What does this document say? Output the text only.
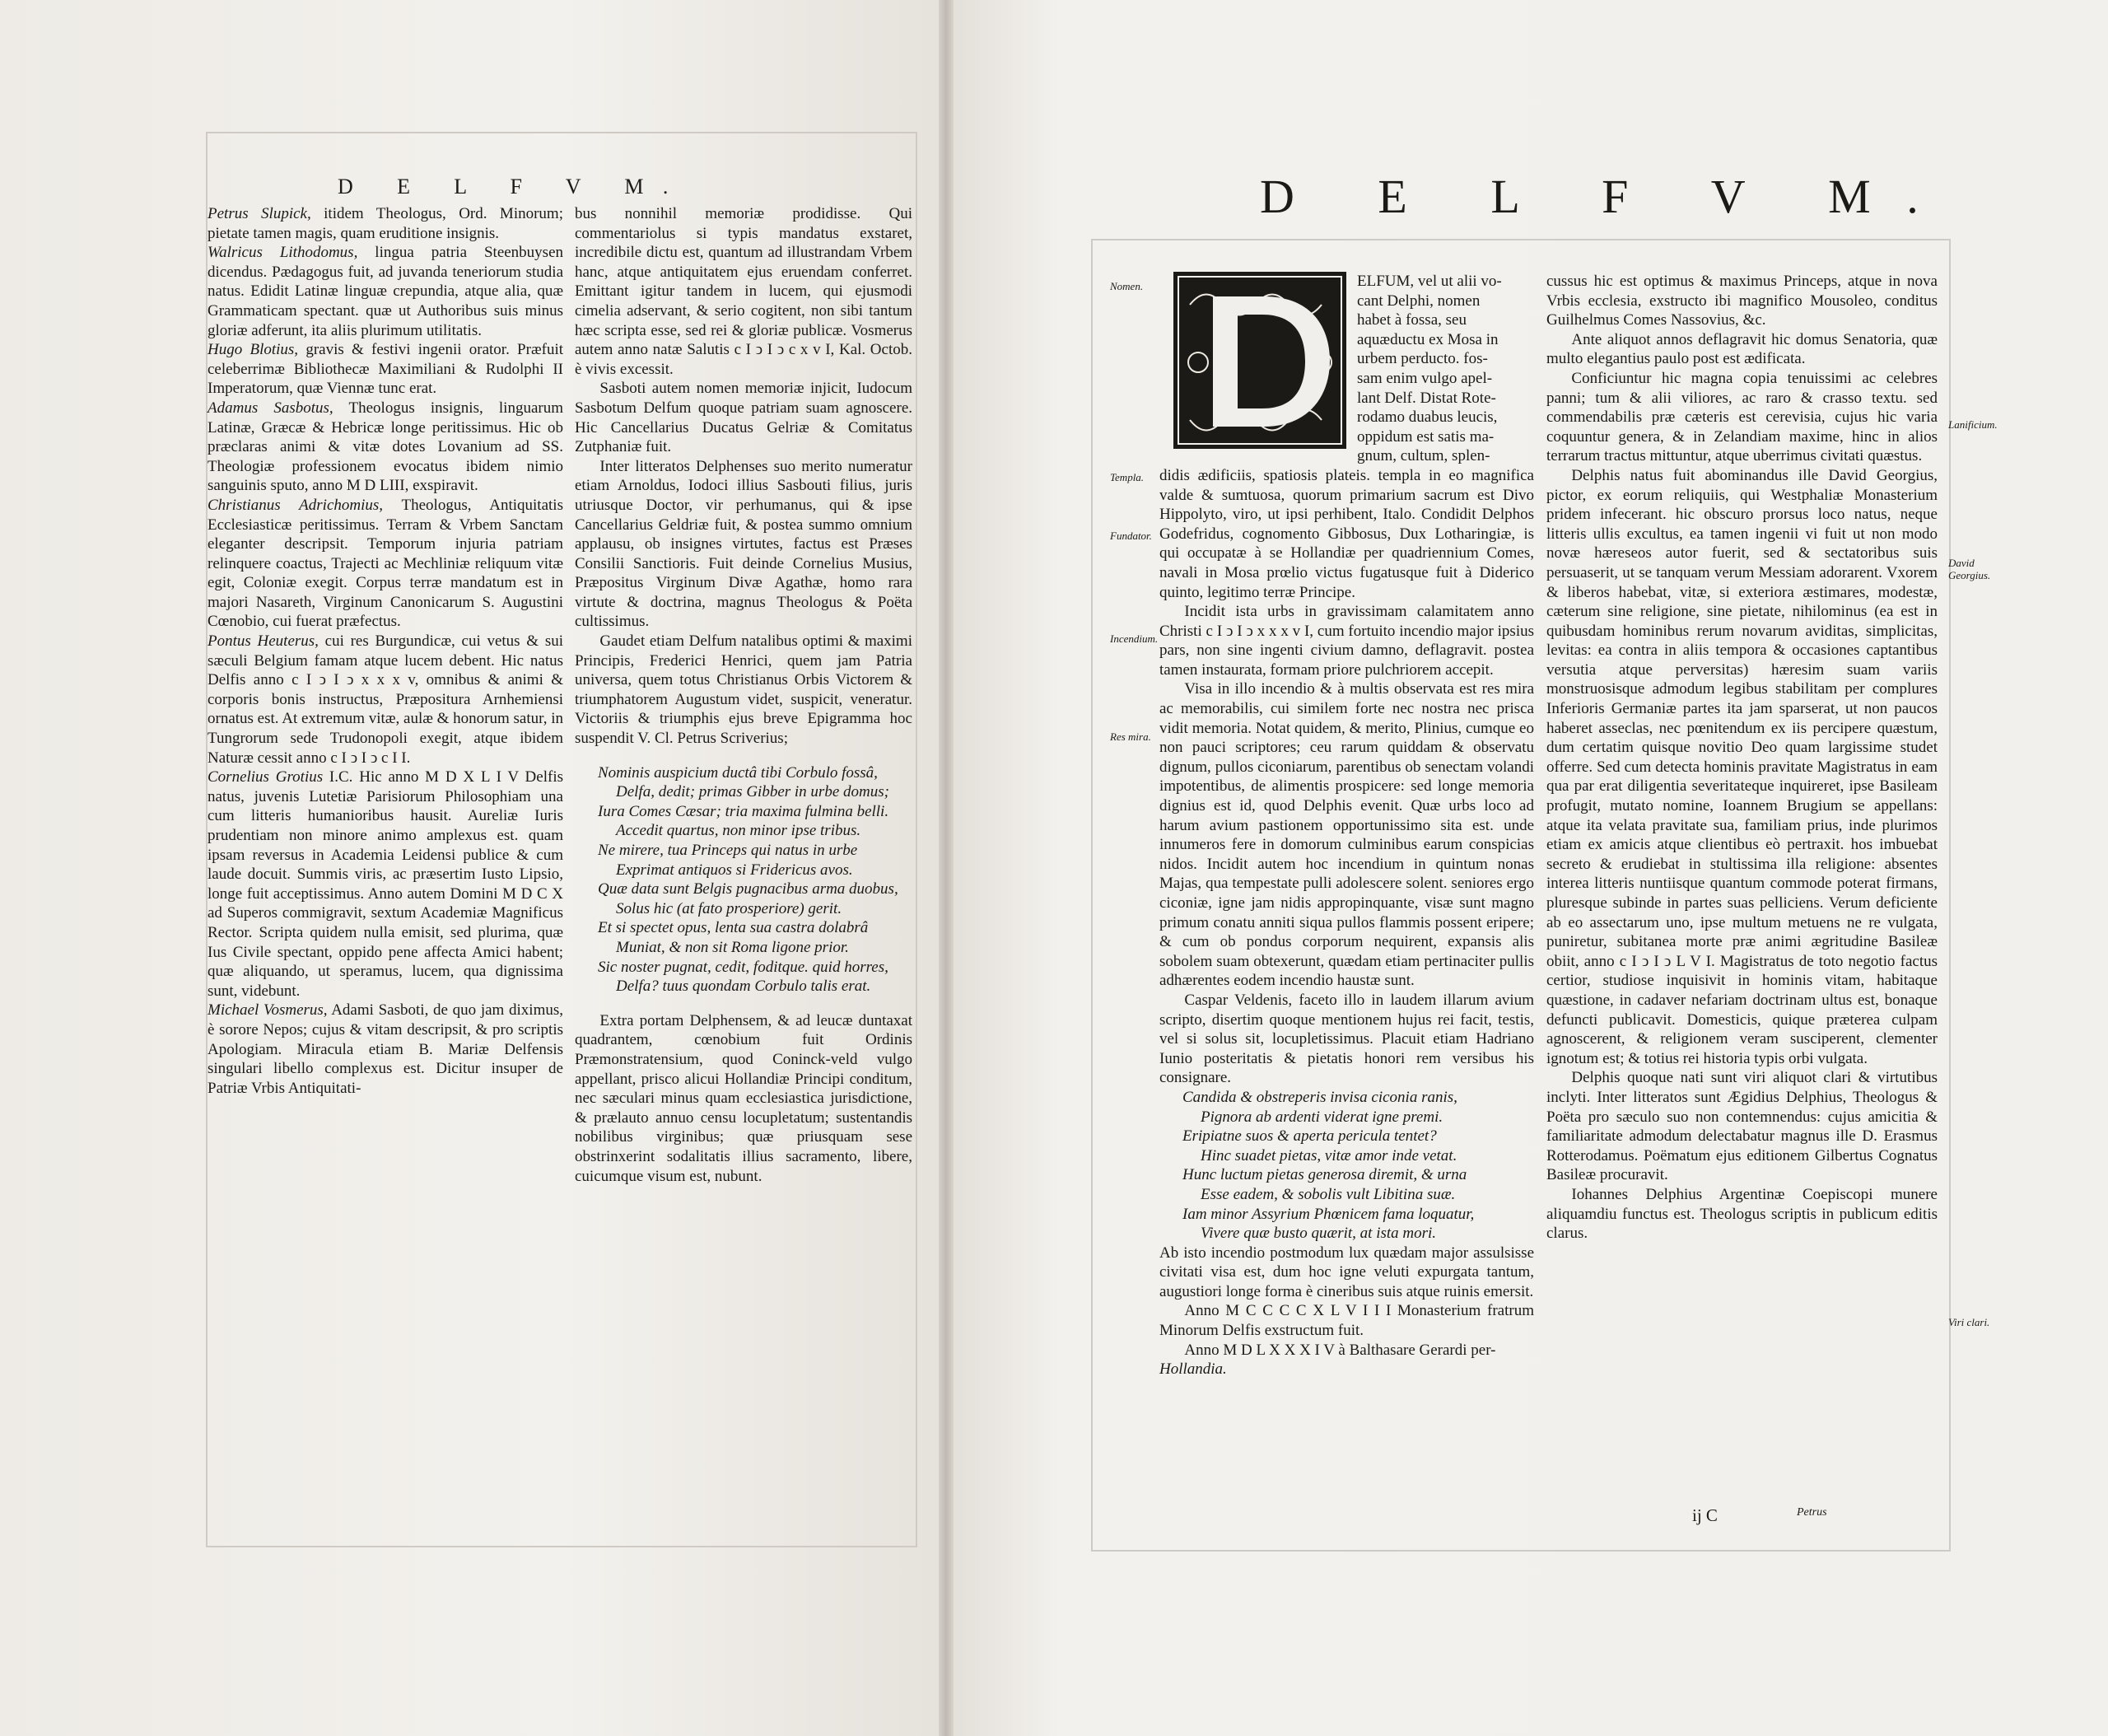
D E L F V M.

Petrus Slupick, itidem Theologus, Ord. Minorum; pietate tamen magis, quam eruditione insignis.

Walricus Lithodomus, lingua patria Steenbuysen dicendus. Pædagogus fuit, ad juvanda teneriorum studia natus. Edidit Latinæ linguæ crepundia, atque alia, quæ Grammaticam spectant. quæ ut Authoribus suis minus gloriæ adferunt, ita aliis plurimum utilitatis.

Hugo Blotius, gravis & festivi ingenii orator. Præfuit celeberrimæ Bibliothecæ Maximiliani & Rudolphi II Imperatorum, quæ Viennæ tunc erat.

Adamus Sasbotus, Theologus insignis, linguarum Latinæ, Græcæ & Hebricæ longe peritissimus. Hic ob præclaras animi & vitæ dotes Lovanium ad SS. Theologiæ professionem evocatus ibidem nimio sanguinis sputo, anno M D LIII, exspiravit.

Christianus Adrichomius, Theologus, Antiquitatis Ecclesiasticæ peritissimus. Terram & Vrbem Sanctam eleganter descripsit. Temporum injuria patriam relinquere coactus, Trajecti ac Mechliniæ reliquum vitæ egit, Coloniæ exegit. Corpus terræ mandatum est in majori Nasareth, Virginum Canonicarum S. Augustini Cœnobio, cui fuerat præfectus.

Pontus Heuterus, cui res Burgundicæ, cui vetus & sui sæculi Belgium famam atque lucem debent. Hic natus Delfis anno c I ↄ I ↄ x x x v, omnibus & animi & corporis bonis instructus, Præpositura Arnhemiensi ornatus est. At extremum vitæ, aulæ & honorum satur, in Tungrorum sede Trudonopoli exegit, atque ibidem Naturæ cessit anno c I ↄ I ↄ c I I.

Cornelius Grotius I.C. Hic anno M D X L I V Delfis natus, juvenis Lutetiæ Parisiorum Philosophiam una cum litteris humanioribus hausit. Aureliæ Iuris prudentiam non minore animo amplexus est. quam ipsam reversus in Academia Leidensi publice & cum laude docuit. Summis viris, ac præsertim Iusto Lipsio, longe fuit acceptissimus. Anno autem Domini M D C X ad Superos commigravit, sextum Academiæ Magnificus Rector. Scripta quidem nulla emisit, sed plurima, quæ Ius Civile spectant, oppido pene affecta Amici habent; quæ aliquando, ut speramus, lucem, qua dignissima sunt, videbunt.

Michael Vosmerus, Adami Sasboti, de quo jam diximus, è sorore Nepos; cujus & vitam descripsit, & pro scriptis Apologiam. Miracula etiam B. Mariæ Delfensis singulari libello complexus est. Dicitur insuper de Patriæ Vrbis Antiquitati-

bus nonnihil memoriæ prodidisse. Qui commentariolus si typis mandatus exstaret, incredibile dictu est, quantum ad illustrandam Vrbem hanc, atque antiquitatem ejus eruendam conferret. Emittant igitur tandem in lucem, qui ejusmodi cimelia adservant, & serio cogitent, non sibi tantum hæc scripta esse, sed rei & gloriæ publicæ. Vosmerus autem anno natæ Salutis c I ↄ I ↄ c x v I, Kal. Octob. è vivis excessit.

Sasboti autem nomen memoriæ injicit, Iudocum Sasbotum Delfum quoque patriam suam agnoscere. Hic Cancellarius Ducatus Gelriæ & Comitatus Zutphaniæ fuit.

Inter litteratos Delphenses suo merito numeratur etiam Arnoldus, Iodoci illius Sasbouti filius, juris utriusque Doctor, vir perhumanus, qui & ipse Cancellarius Geldriæ fuit, & postea summo omnium applausu, ob insignes virtutes, factus est Præses Consilii Sanctioris. Fuit deinde Cornelius Musius, Præpositus Virginum Divæ Agathæ, homo rara virtute & doctrina, magnus Theologus & Poëta cultissimus.

Gaudet etiam Delfum natalibus optimi & maximi Principis, Frederici Henrici, quem jam Patria universa, quem totus Christianus Orbis Victorem & triumphatorem Augustum videt, suspicit, veneratur. Victoriis & triumphis ejus breve Epigramma hoc suspendit V. Cl. Petrus Scriverius;

Nominis auspicium ductâ tibi Corbulo fossâ,
Delfa, dedit; primas Gibber in urbe domus;
Iura Comes Cæsar; tria maxima fulmina belli.
Accedit quartus, non minor ipse tribus.
Ne mirere, tua Princeps qui natus in urbe
Exprimat antiquos si Fridericus avos.
Quæ data sunt Belgis pugnacibus arma duobus,
Solus hic (at fato prosperiore) gerit.
Et si spectet opus, lenta sua castra dolabrâ
Muniat, & non sit Roma ligone prior.
Sic noster pugnat, cedit, foditque. quid horres,
Delfa? tuus quondam Corbulo talis erat.

Extra portam Delphensem, & ad leucæ duntaxat quadrantem, cœnobium fuit Ordinis Præmonstratensium, quod Coninck-veld vulgo appellant, prisco alicui Hollandiæ Principi conditum, nec sæculari minus quam ecclesiastica jurisdictione, & prælauto annuo censu locupletatum; sustentandis nobilibus virginibus; quæ priusquam sese obstrinxerint sodalitatis illius sacramento, libere, cuicumque visum est, nubunt.

D E L F V M.
Nomen.
Templa.
Fundator.
Incendium.
Res mira.
Lanificium.
David Georgius.
Viri clari.
ELFUM, vel ut alii vo-
cant Delphi, nomen
habet à fossa, seu
aquæductu ex Mosa in
urbem perducto. fos-
sam enim vulgo apel-
lant Delf. Distat Rote-
rodamo duabus leucis,
oppidum est satis ma-
gnum, cultum, splen-

didis ædificiis, spatiosis plateis. templa in eo magnifica valde & sumtuosa, quorum primarium sacrum est Divo Hippolyto, viro, ut ipsi perhibent, Italo. Condidit Delphos Godefridus, cognomento Gibbosus, Dux Lotharingiæ, is qui occupatæ à se Hollandiæ per quadriennium Comes, navali in Mosa prœlio victus fugatusque fuit à Diderico quinto, legitimo terræ Principe.

Incidit ista urbs in gravissimam calamitatem anno Christi c I ↄ I ↄ x x x v I, cum fortuito incendio major ipsius pars, non sine ingenti civium damno, deflagravit. postea tamen instaurata, formam priore pulchriorem accepit.

Visa in illo incendio & à multis observata est res mira ac memorabilis, cui similem forte nec nostra nec prisca vidit memoria. Notat quidem, & merito, Plinius, cumque eo non pauci scriptores; ceu rarum quiddam & observatu dignum, pullos ciconiarum, parentibus ob senectam volandi impotentibus, de alimentis prospicere: sed longe memoria dignius est id, quod Delphis evenit. Quæ urbs loco ad harum avium pastionem opportunissimo sita est. unde innumeros fere in domorum culminibus earum conspicias nidos. Incidit autem hoc incendium in quintum nonas Majas, qua tempestate pulli adolescere solent. seniores ergo ciconiæ, igne jam nidis appropinquante, visæ sunt magno primum conatu anniti siqua pullos flammis possent eripere; & cum ob pondus corporum nequirent, expansis alis sobolem suam obtexerunt, quædam etiam pertinaciter pullis adhærentes eodem incendio haustæ sunt.

Caspar Veldenis, faceto illo in laudem illarum avium scripto, disertim quoque mentionem hujus rei facit, testis, vel si solus sit, locupletissimus. Placuit etiam Hadriano Iunio posteritatis & pietatis honori rem versibus his consignare.

Candida & obstreperis invisa ciconia ranis,
Pignora ab ardenti viderat igne premi.
Eripiatne suos & aperta pericula tentet?
Hinc suadet pietas, vitæ amor inde vetat.
Hunc luctum pietas generosa diremit, & urna
Esse eadem, & sobolis vult Libitina suæ.
Iam minor Assyrium Phœnicem fama loquatur,
Vivere quæ busto quærit, at ista mori.

Ab isto incendio postmodum lux quædam major assulsisse civitati visa est, dum hoc igne veluti expurgata tantum, augustiori longe forma è cineribus suis atque ruinis emersit.

Anno M C C C C X L V I I I Monasterium fratrum Minorum Delfis exstructum fuit.

Anno M D L X X X I V à Balthasare Gerardi per-

Hollandia.

cussus hic est optimus & maximus Princeps, atque in nova Vrbis ecclesia, exstructo ibi magnifico Mousoleo, conditus Guilhelmus Comes Nassovius, &c.

Ante aliquot annos deflagravit hic domus Senatoria, quæ multo elegantius paulo post est ædificata.

Conficiuntur hic magna copia tenuissimi ac celebres panni; tum & alii viliores, ac raro & crasso textu. sed commendabilis præ cæteris est cerevisia, cujus hic varia coquuntur genera, & in Zelandiam maxime, hinc in alios terrarum tractus mittuntur, atque uberrimus civitati quæstus.

Delphis natus fuit abominandus ille David Georgius, pictor, ex eorum reliquiis, qui Westphaliæ Monasterium pridem infecerant. hic obscuro prorsus loco natus, neque litteris ullis excultus, ea tamen ingenii vi fuit ut non modo novæ hæreseos autor fuerit, sed & sectatoribus suis persuaserit, ut se tanquam verum Messiam adorarent. Vxorem & liberos habebat, vitæ, si exteriora æstimares, modestæ, cæterum sine religione, sine pietate, nihilominus (ea est in quibusdam hominibus rerum novarum aviditas, simplicitas, levitas: ea contra in aliis tempora & occasiones captantibus versutia atque perversitas) hæresim suam variis monstruosisque admodum legibus stabilitam per complures Inferioris Germaniæ partes ita jam sparserat, ut non paucos haberet asseclas, nec pœnitendum ex iis percipere quæstum, dum certatim quisque novitio Deo quam largissime studet offerre. Sed cum detecta hominis pravitate Magistratus in eam qua par erat diligentia severitateque inquireret, ipse Basileam profugit, mutato nomine, Ioannem Brugium se appellans: atque ita velata pravitate sua, familiam prius, inde plurimos etiam ex amicis atque clientibus eò pertraxit. hos imbuebat secreto & erudiebat in stultissima illa religione: absentes interea litteris nuntiisque quantum commode poterat firmans, pluresque subinde in partes suas pelliciens. Verum deficiente ab eo assectarum uno, ipse multum metuens ne re vulgata, puniretur, subitanea morte præ animi ægritudine Basileæ obiit, anno c I ↄ I ↄ L V I. Magistratus de toto negotio factus certior, studiose inquisivit in hominis vitam, habitaque quæstione, in cadaver nefariam doctrinam ultus est, bonaque defuncti publicavit. Domesticis, quique præterea culpam agnoscerent, & religionem veram susciperent, clementer ignotum est; & totius rei historia typis orbi vulgata.

Delphis quoque nati sunt viri aliquot clari & virtutibus inclyti. Inter litteratos sunt Ægidius Delphius, Theologus & Poëta pro sæculo suo non contemnendus: cujus amicitia & familiaritate admodum delectabatur magnus ille D. Erasmus Rotterodamus. Poëmatum ejus editionem Gilbertus Cognatus Basileæ procuravit.

Iohannes Delphius Argentinæ Coepiscopi munere aliquamdiu functus est. Theologus scriptis in publicum editis clarus.

ij C	Petrus
